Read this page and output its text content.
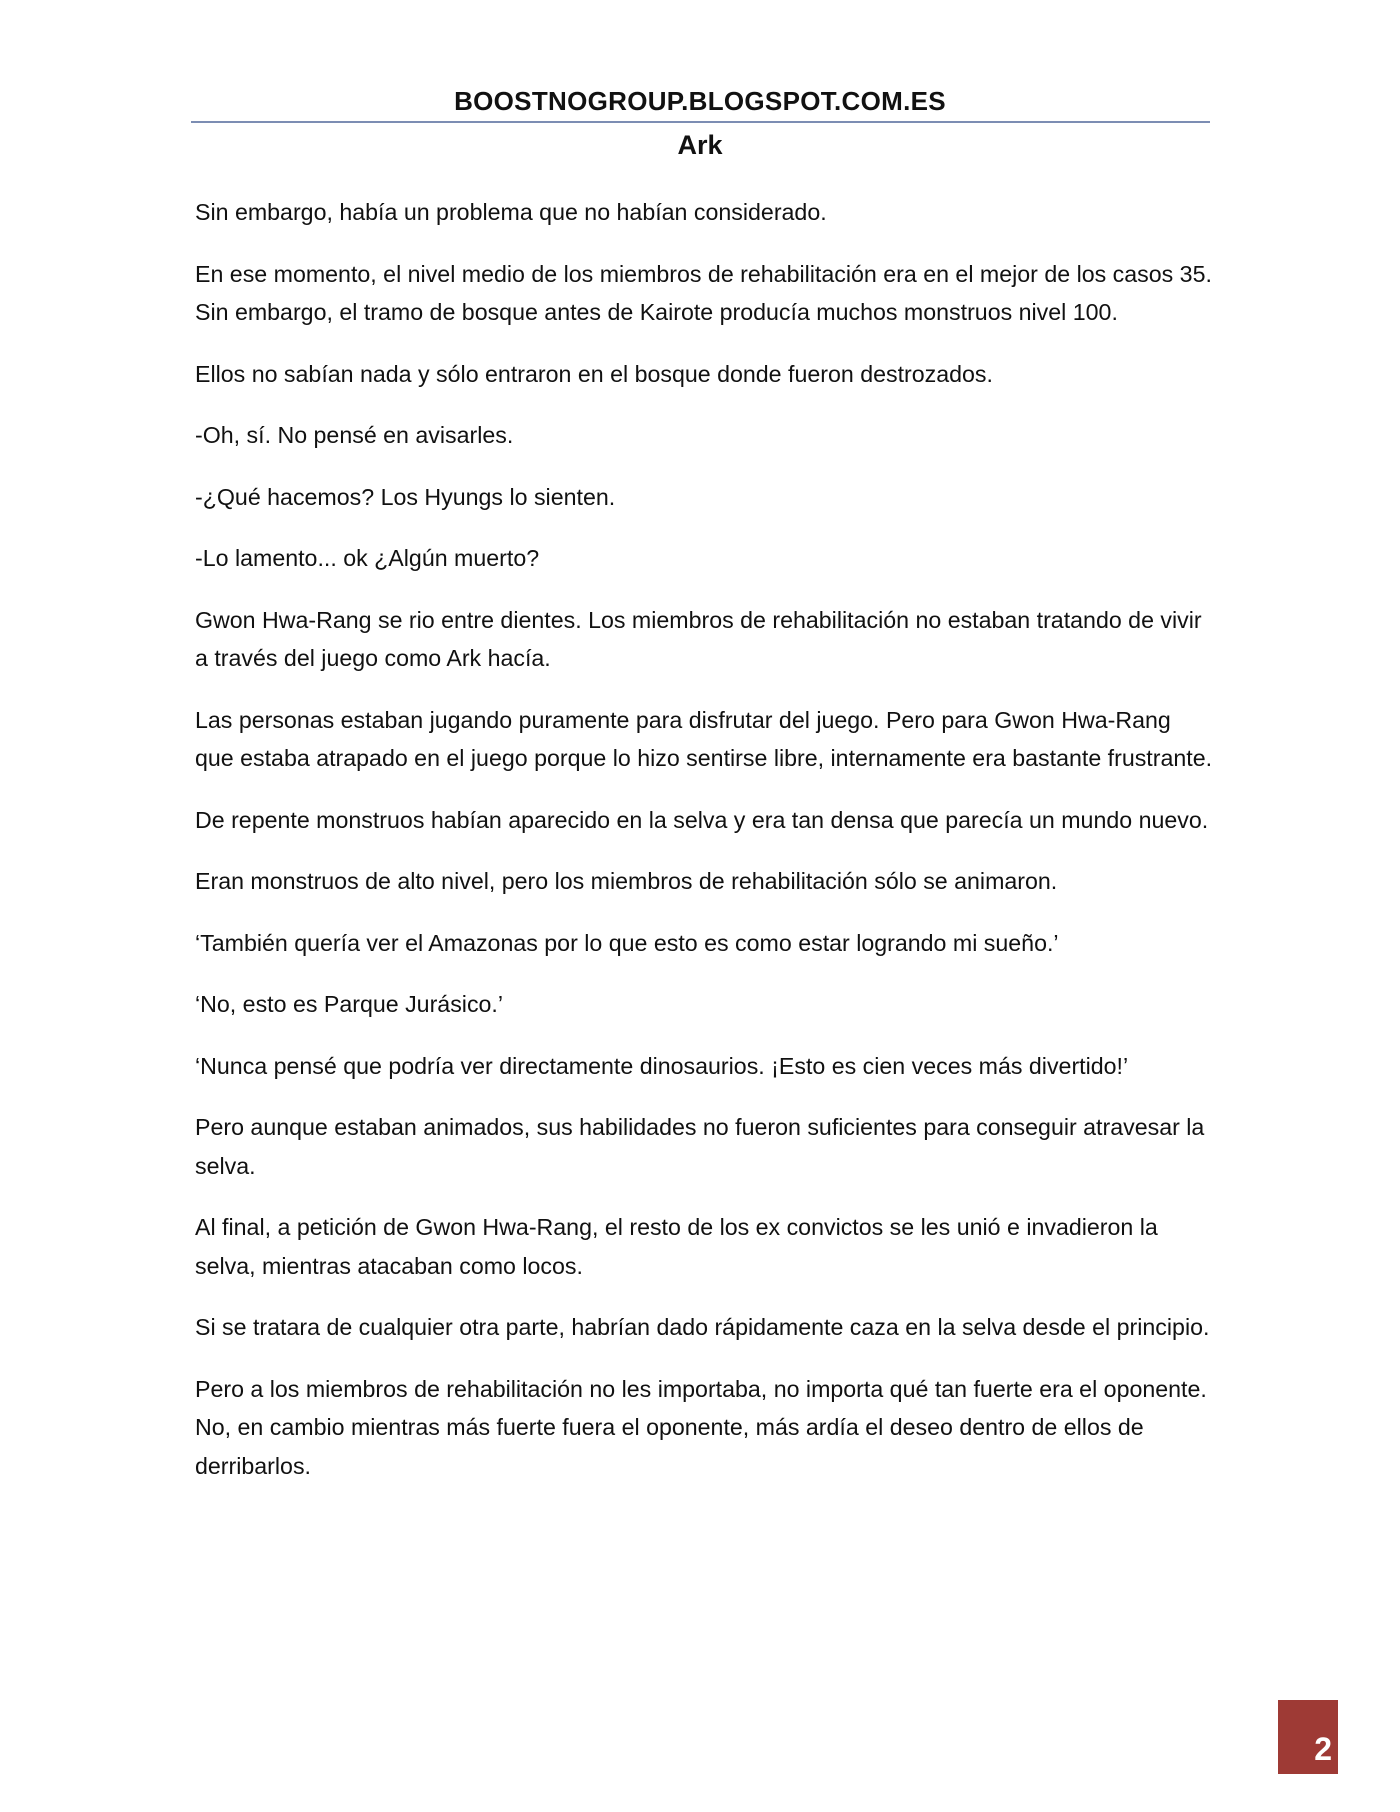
BOOSTNOGROUP.BLOGSPOT.COM.ES
Ark

Sin embargo, había un problema que no habían considerado.

En ese momento, el nivel medio de los miembros de rehabilitación era en el mejor de los casos 35. Sin embargo, el tramo de bosque antes de Kairote producía muchos monstruos nivel 100.

Ellos no sabían nada y sólo entraron en el bosque donde fueron destrozados.

-Oh, sí. No pensé en avisarles.

-¿Qué hacemos? Los Hyungs lo sienten.

-Lo lamento... ok ¿Algún muerto?

Gwon Hwa-Rang se rio entre dientes. Los miembros de rehabilitación no estaban tratando de vivir a través del juego como Ark hacía.

Las personas estaban jugando puramente para disfrutar del juego. Pero para Gwon Hwa-Rang que estaba atrapado en el juego porque lo hizo sentirse libre, internamente era bastante frustrante.

De repente monstruos habían aparecido en la selva y era tan densa que parecía un mundo nuevo.

Eran monstruos de alto nivel, pero los miembros de rehabilitación sólo se animaron.

‘También quería ver el Amazonas por lo que esto es como estar logrando mi sueño.’

‘No, esto es Parque Jurásico.’

‘Nunca pensé que podría ver directamente dinosaurios. ¡Esto es cien veces más divertido!’

Pero aunque estaban animados, sus habilidades no fueron suficientes para conseguir atravesar la selva.

Al final, a petición de Gwon Hwa-Rang, el resto de los ex convictos se les unió e invadieron la selva, mientras atacaban como locos.

Si se tratara de cualquier otra parte, habrían dado rápidamente caza en la selva desde el principio.

Pero a los miembros de rehabilitación no les importaba, no importa qué tan fuerte era el oponente. No, en cambio mientras más fuerte fuera el oponente, más ardía el deseo dentro de ellos de derribarlos.

2
